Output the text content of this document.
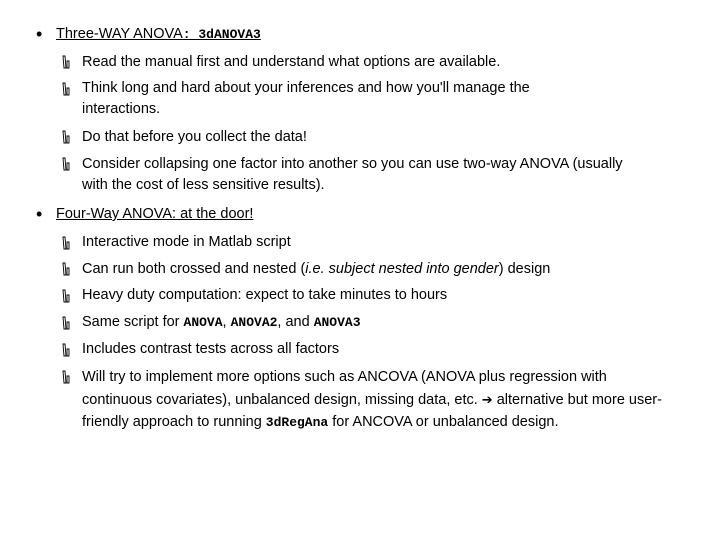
• Three-WAY ANOVA: 3dANOVA3
Read the manual first and understand what options are available.
Think long and hard about your inferences and how you'll manage the interactions.
Do that before you collect the data!
Consider collapsing one factor into another so you can use two-way ANOVA (usually with the cost of less sensitive results).
• Four-Way ANOVA: at the door!
Interactive mode in Matlab script
Can run both crossed and nested (i.e. subject nested into gender) design
Heavy duty computation: expect to take minutes to hours
Same script for ANOVA, ANOVA2, and ANOVA3
Includes contrast tests across all factors
Will try to implement more options such as ANCOVA (ANOVA plus regression with continuous covariates), unbalanced design, missing data, etc. ➔ alternative but more user-friendly approach to running 3dRegAna for ANCOVA or unbalanced design.
